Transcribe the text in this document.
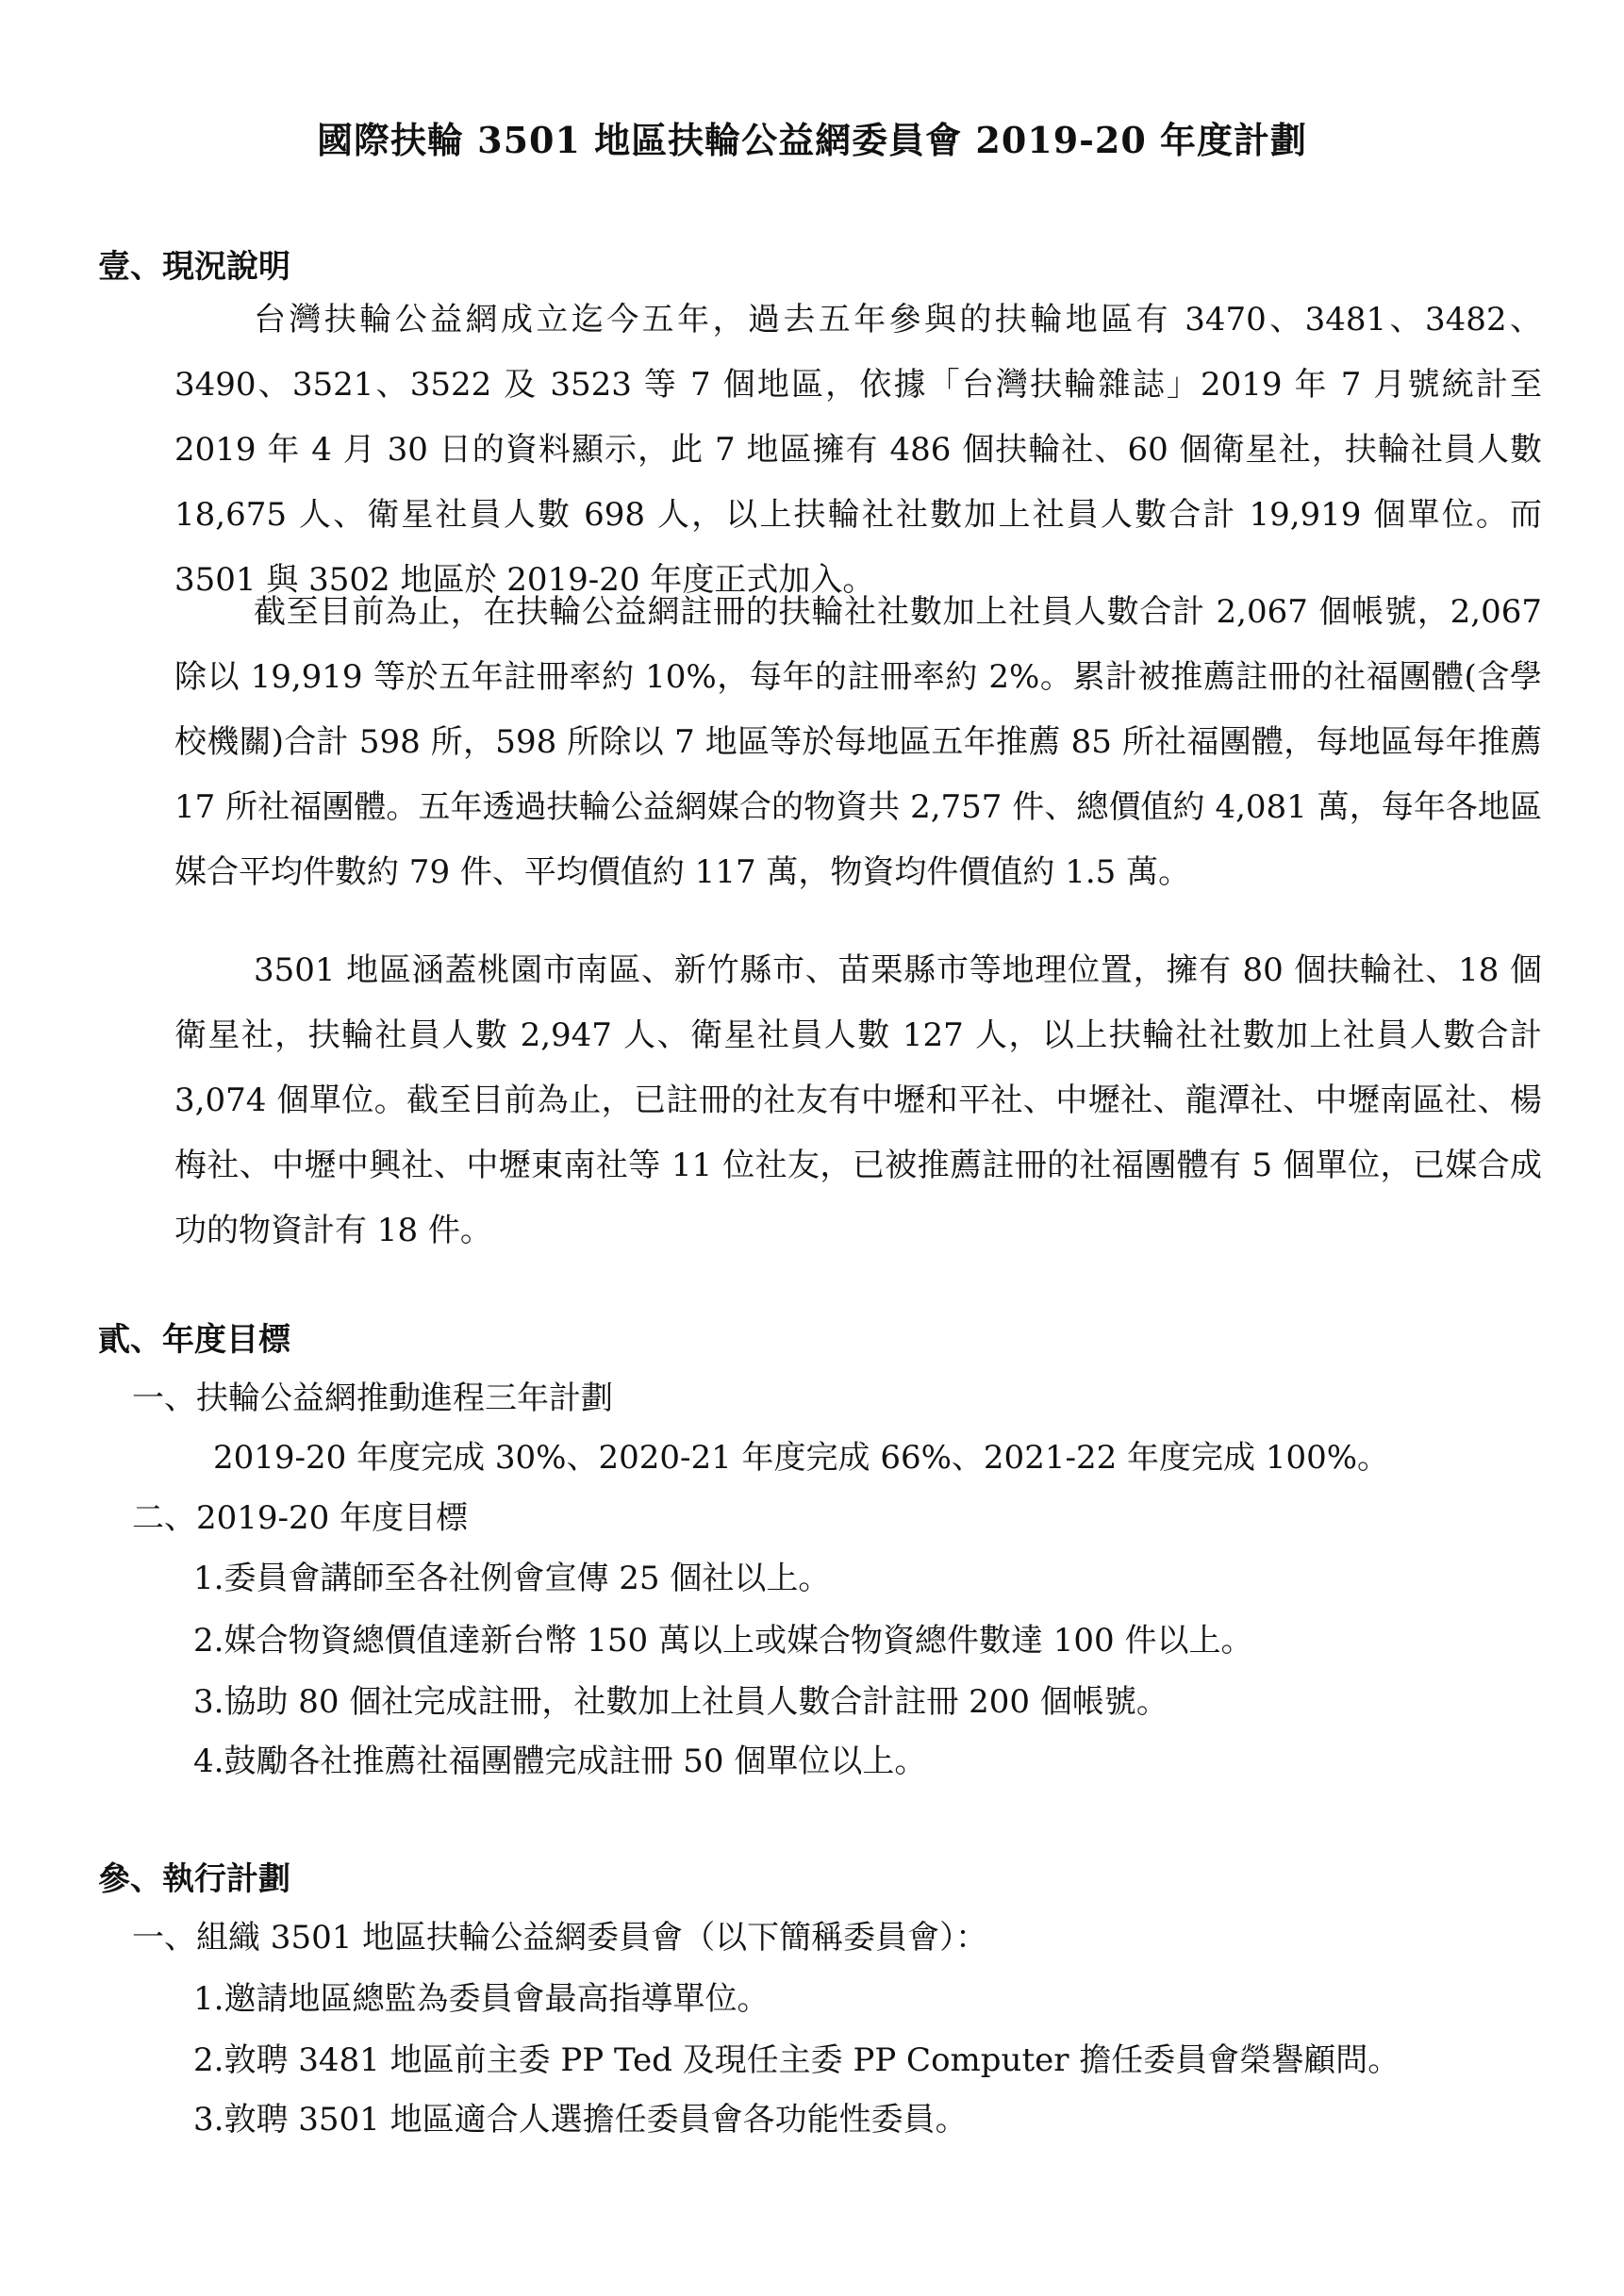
國際扶輪 3501 地區扶輪公益網委員會 2019-20 年度計劃
壹、現況說明

台灣扶輪公益網成立迄今五年，過去五年參與的扶輪地區有 3470、3481、3482、3490、3521、3522 及 3523 等 7 個地區，依據「台灣扶輪雜誌」2019 年 7 月號統計至 2019 年 4 月 30 日的資料顯示，此 7 地區擁有 486 個扶輪社、60 個衛星社，扶輪社員人數 18,675 人、衛星社員人數 698 人，以上扶輪社社數加上社員人數合計 19,919 個單位。而 3501 與 3502 地區於 2019-20 年度正式加入。

截至目前為止，在扶輪公益網註冊的扶輪社社數加上社員人數合計 2,067 個帳號，2,067 除以 19,919 等於五年註冊率約 10%，每年的註冊率約 2%。累計被推薦註冊的社福團體(含學校機關)合計 598 所，598 所除以 7 地區等於每地區五年推薦 85 所社福團體，每地區每年推薦 17 所社福團體。五年透過扶輪公益網媒合的物資共 2,757 件、總價值約 4,081 萬，每年各地區媒合平均件數約 79 件、平均價值約 117 萬，物資均件價值約 1.5 萬。

3501 地區涵蓋桃園市南區、新竹縣市、苗栗縣市等地理位置，擁有 80 個扶輪社、18 個衛星社，扶輪社員人數 2,947 人、衛星社員人數 127 人，以上扶輪社社數加上社員人數合計 3,074 個單位。截至目前為止，已註冊的社友有中壢和平社、中壢社、龍潭社、中壢南區社、楊梅社、中壢中興社、中壢東南社等 11 位社友，已被推薦註冊的社福團體有 5 個單位，已媒合成功的物資計有 18 件。

貳、年度目標
一、扶輪公益網推動進程三年計劃
2019-20 年度完成 30%、2020-21 年度完成 66%、2021-22 年度完成 100%。
二、2019-20 年度目標
1.委員會講師至各社例會宣傳 25 個社以上。
2.媒合物資總價值達新台幣 150 萬以上或媒合物資總件數達 100 件以上。
3.協助 80 個社完成註冊，社數加上社員人數合計註冊 200 個帳號。
4.鼓勵各社推薦社福團體完成註冊 50 個單位以上。
參、執行計劃
一、組織 3501 地區扶輪公益網委員會（以下簡稱委員會）：
1.邀請地區總監為委員會最高指導單位。
2.敦聘 3481 地區前主委 PP Ted 及現任主委 PP Computer 擔任委員會榮譽顧問。
3.敦聘 3501 地區適合人選擔任委員會各功能性委員。
